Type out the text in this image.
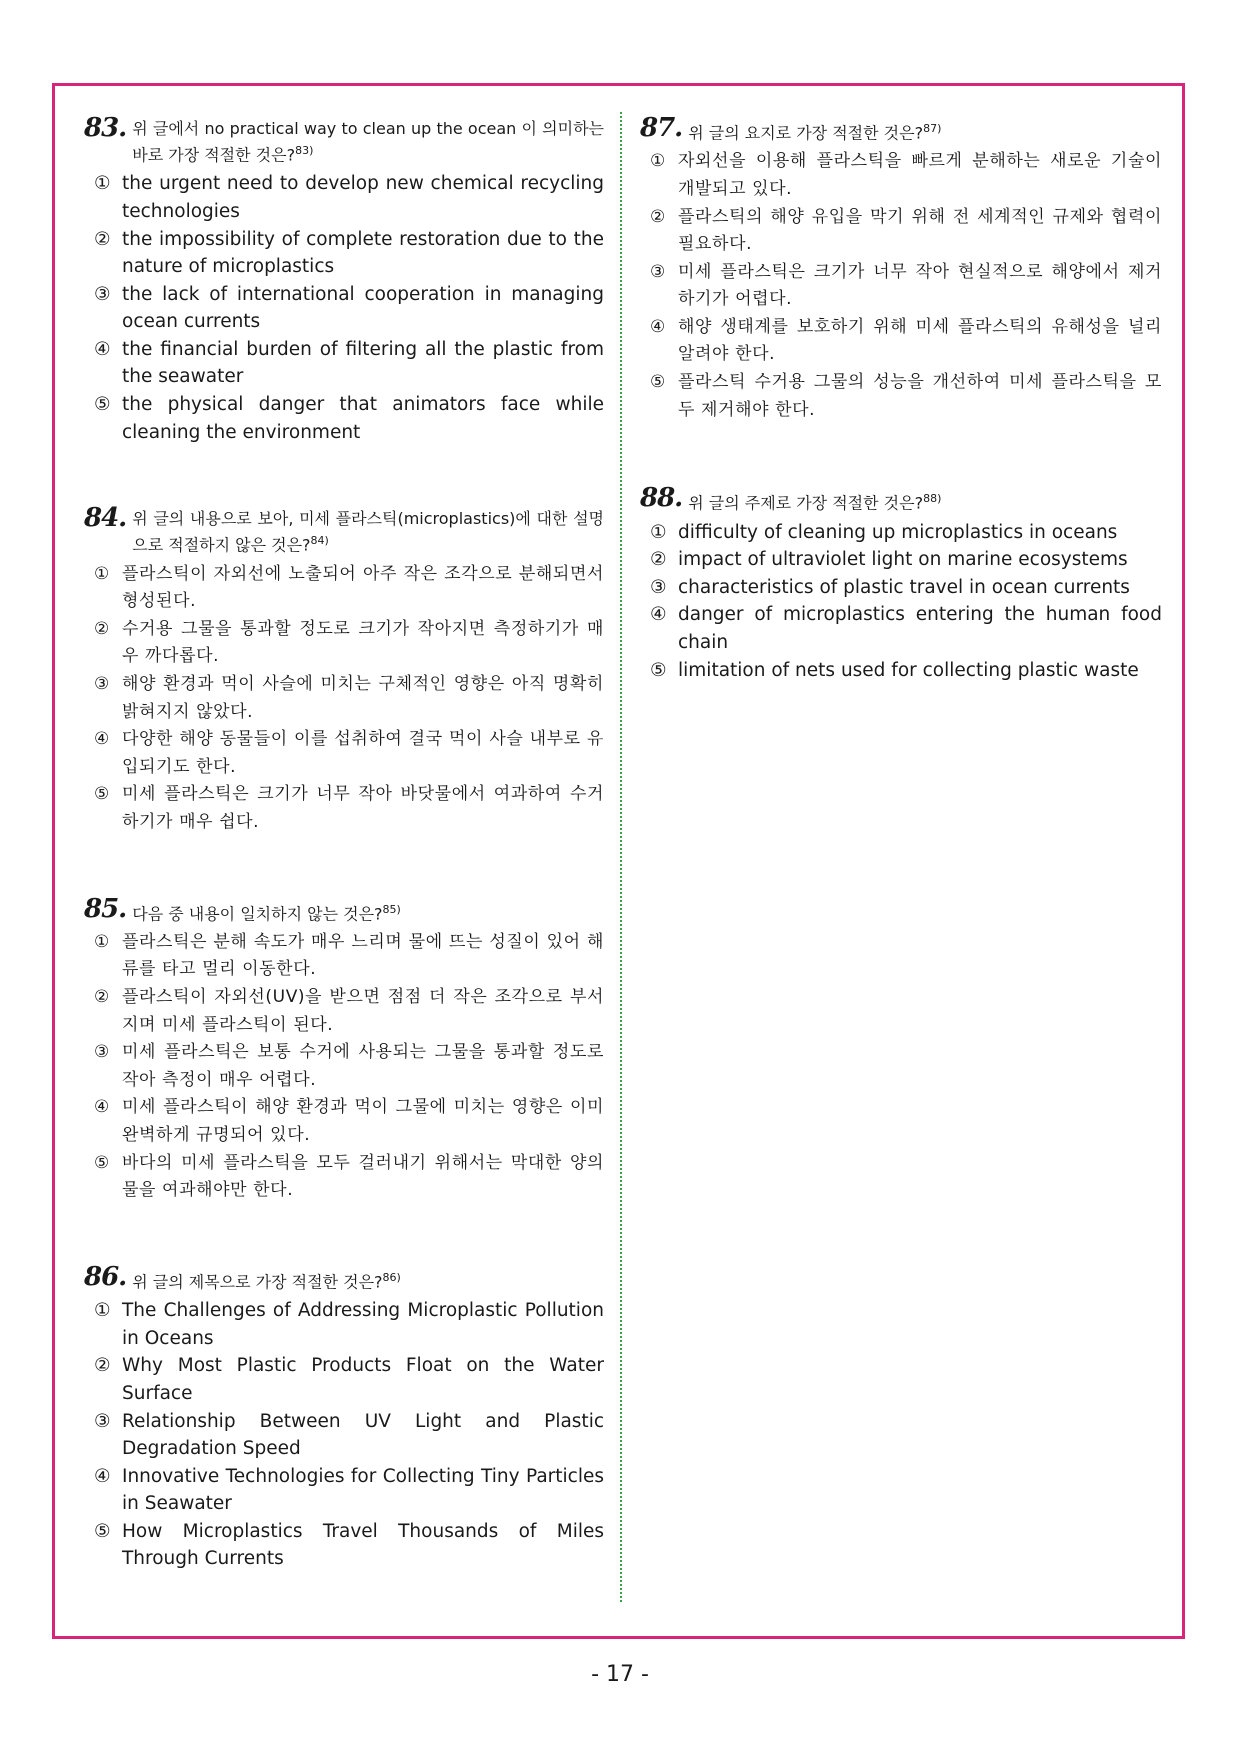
83. 위 글에서 no practical way to clean up the ocean 이 의미하는 바로 가장 적절한 것은?$^{83)}$
① the urgent need to develop new chemical recycling technologies
② the impossibility of complete restoration due to the nature of microplastics
③ the lack of international cooperation in managing ocean currents
④ the financial burden of filtering all the plastic from the seawater
⑤ the physical danger that animators face while cleaning the environment
84. 위 글의 내용으로 보아, 미세 플라스틱(microplastics)에 대한 설명으로 적절하지 않은 것은?$^{84)}$
① 플라스틱이 자외선에 노출되어 아주 작은 조각으로 분해되면서 형성된다.
② 수거용 그물을 통과할 정도로 크기가 작아지면 측정하기가 매우 까다롭다.
③ 해양 환경과 먹이 사슬에 미치는 구체적인 영향은 아직 명확히 밝혀지지 않았다.
④ 다양한 해양 동물들이 이를 섭취하여 결국 먹이 사슬 내부로 유입되기도 한다.
⑤ 미세 플라스틱은 크기가 너무 작아 바닷물에서 여과하여 수거하기가 매우 쉽다.
85. 다음 중 내용이 일치하지 않는 것은?$^{85)}$
① 플라스틱은 분해 속도가 매우 느리며 물에 뜨는 성질이 있어 해류를 타고 멀리 이동한다.
② 플라스틱이 자외선(UV)을 받으면 점점 더 작은 조각으로 부서지며 미세 플라스틱이 된다.
③ 미세 플라스틱은 보통 수거에 사용되는 그물을 통과할 정도로 작아 측정이 매우 어렵다.
④ 미세 플라스틱이 해양 환경과 먹이 그물에 미치는 영향은 이미 완벽하게 규명되어 있다.
⑤ 바다의 미세 플라스틱을 모두 걸러내기 위해서는 막대한 양의 물을 여과해야만 한다.
86. 위 글의 제목으로 가장 적절한 것은?$^{86)}$
① The Challenges of Addressing Microplastic Pollution in Oceans
② Why Most Plastic Products Float on the Water Surface
③ Relationship Between UV Light and Plastic Degradation Speed
④ Innovative Technologies for Collecting Tiny Particles in Seawater
⑤ How Microplastics Travel Thousands of Miles Through Currents
87. 위 글의 요지로 가장 적절한 것은?$^{87)}$
① 자외선을 이용해 플라스틱을 빠르게 분해하는 새로운 기술이 개발되고 있다.
② 플라스틱의 해양 유입을 막기 위해 전 세계적인 규제와 협력이 필요하다.
③ 미세 플라스틱은 크기가 너무 작아 현실적으로 해양에서 제거하기가 어렵다.
④ 해양 생태계를 보호하기 위해 미세 플라스틱의 유해성을 널리 알려야 한다.
⑤ 플라스틱 수거용 그물의 성능을 개선하여 미세 플라스틱을 모두 제거해야 한다.
88. 위 글의 주제로 가장 적절한 것은?$^{88)}$
① difficulty of cleaning up microplastics in oceans
② impact of ultraviolet light on marine ecosystems
③ characteristics of plastic travel in ocean currents
④ danger of microplastics entering the human food chain
⑤ limitation of nets used for collecting plastic waste
- 17 -
